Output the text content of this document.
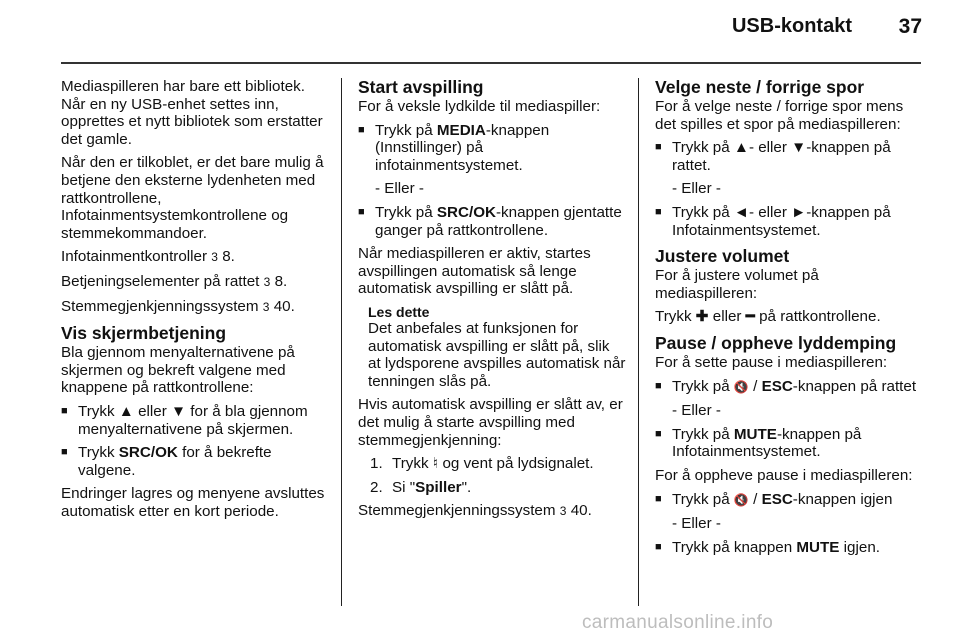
USB-kontakt 37

Mediaspilleren har bare ett bibliotek. Når en ny USB-enhet settes inn, opprettes et nytt bibliotek som erstatter det gamle.

Når den er tilkoblet, er det bare mulig å betjene den eksterne lydenheten med rattkontrollene, Infotainmentsystemkontrollene og stemmekommandoer.

Infotainmentkontroller 3 8.

Betjeningselementer på rattet 3 8.

Stemmegjenkjenningssystem 3 40.

Vis skjermbetjening

Bla gjennom menyalternativene på skjermen og bekreft valgene med knappene på rattkontrollene:

■ Trykk ▲ eller ▼ for å bla gjennom menyalternativene på skjermen.
■ Trykk SRC/OK for å bekrefte valgene.

Endringer lagres og menyene avsluttes automatisk etter en kort periode.

Start avspilling

For å veksle lydkilde til mediaspiller:

■ Trykk på MEDIA-knappen (Innstillinger) på infotainmentsystemet.
- Eller -
■ Trykk på SRC/OK-knappen gjentatte ganger på rattkontrollene.

Når mediaspilleren er aktiv, startes avspillingen automatisk så lenge automatisk avspilling er slått på.

Les dette
Det anbefales at funksjonen for automatisk avspilling er slått på, slik at lydsporene avspilles automatisk når tenningen slås på.

Hvis automatisk avspilling er slått av, er det mulig å starte avspilling med stemmegjenkjenning:

1. Trykk ♮ og vent på lydsignalet.
2. Si "Spiller".

Stemmegjenkjenningssystem 3 40.

Velge neste / forrige spor

For å velge neste / forrige spor mens det spilles et spor på mediaspilleren:

■ Trykk på ▲- eller ▼-knappen på rattet.
- Eller -
■ Trykk på ◄- eller ►-knappen på Infotainmentsystemet.
Justere volumet

For å justere volumet på mediaspilleren:

Trykk ✚ eller ━ på rattkontrollene.

Pause / oppheve lyddemping

For å sette pause i mediaspilleren:

■ Trykk på 🔇 / ESC-knappen på rattet
- Eller -
■ Trykk på MUTE-knappen på Infotainmentsystemet.

For å oppheve pause i mediaspilleren:

■ Trykk på 🔇 / ESC-knappen igjen
- Eller -
■ Trykk på knappen MUTE igjen.
carmanualsonline.info
